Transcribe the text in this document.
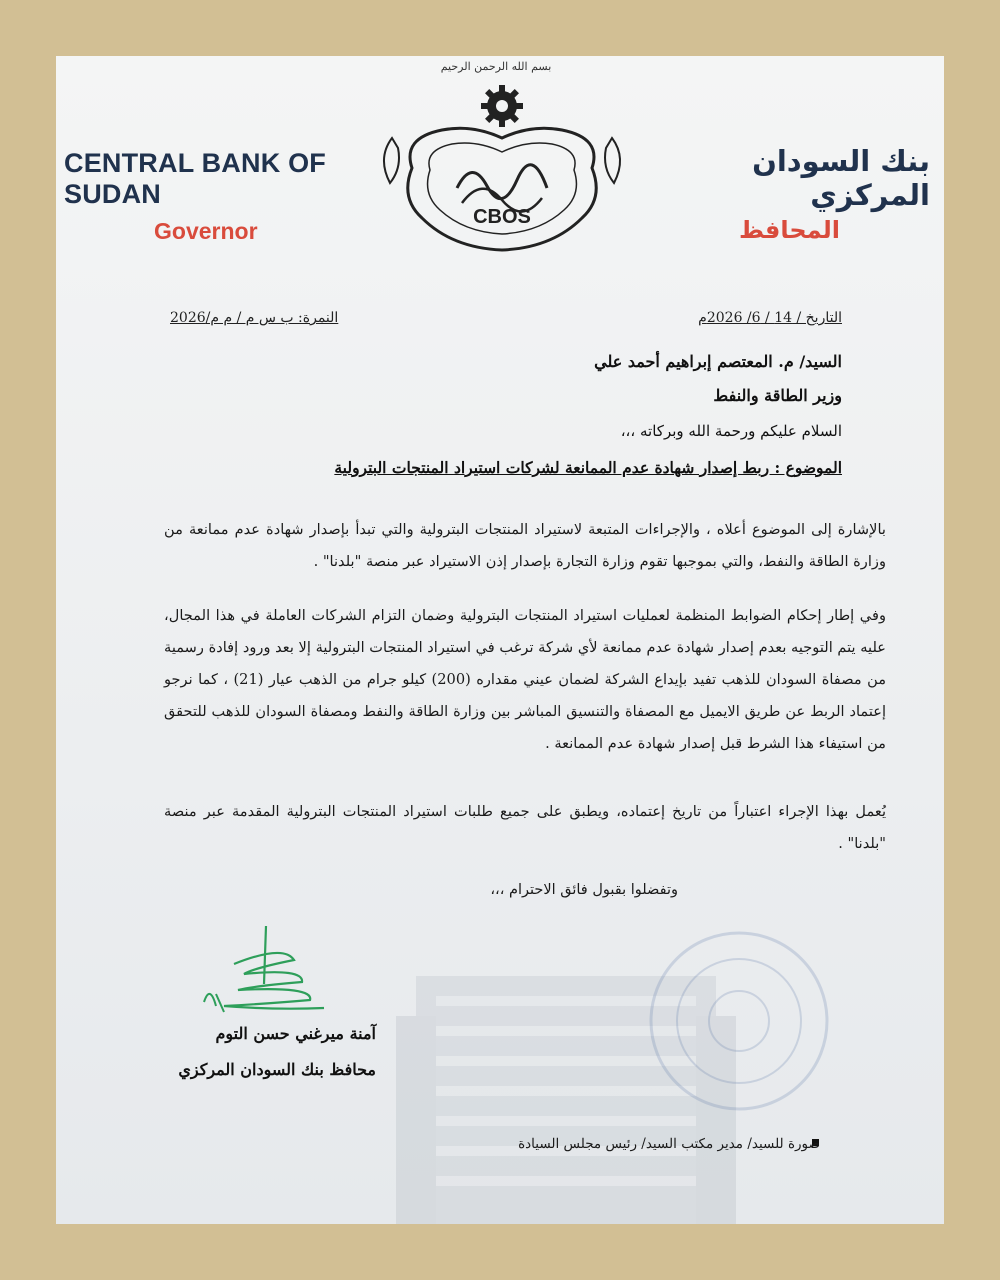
بسم الله الرحمن الرحيم
CBOS
CENTRAL BANK OF SUDAN
بنك السودان المركزي
Governor	المحافظ
النمرة: ب س م / م م/2026	التاريخ / 14 / 6/ 2026م
السيد/ م. المعتصم إبراهيم أحمد علي
وزير الطاقة والنفط
السلام عليكم ورحمة الله وبركاته ،،،
الموضوع : ربط إصدار شهادة عدم الممانعة لشركات استيراد المنتجات البترولية
بالإشارة إلى الموضوع أعلاه ، والإجراءات المتبعة لاستيراد المنتجات البترولية والتي تبدأ بإصدار شهادة عدم ممانعة من وزارة الطاقة والنفط، والتي بموجبها تقوم وزارة التجارة بإصدار إذن الاستيراد عبر منصة "بلدنا" .
وفي إطار إحكام الضوابط المنظمة لعمليات استيراد المنتجات البترولية وضمان التزام الشركات العاملة في هذا المجال، عليه يتم التوجيه بعدم إصدار شهادة عدم ممانعة لأي شركة ترغب في استيراد المنتجات البترولية إلا بعد ورود إفادة رسمية من مصفاة السودان للذهب تفيد بإيداع الشركة لضمان عيني مقداره (200) كيلو جرام من الذهب عيار (21) ، كما نرجو إعتماد الربط عن طريق الايميل مع المصفاة والتنسيق المباشر بين وزارة الطاقة والنفط ومصفاة السودان للذهب للتحقق من استيفاء هذا الشرط قبل إصدار شهادة عدم الممانعة .
يُعمل بهذا الإجراء اعتباراً من تاريخ إعتماده، ويطبق على جميع طلبات استيراد المنتجات البترولية المقدمة عبر منصة "بلدنا" .
وتفضلوا بقبول فائق الاحترام ،،،
آمنة ميرغني حسن التوم
محافظ بنك السودان المركزي
صورة للسيد/ مدير مكتب السيد/ رئيس مجلس السيادة
